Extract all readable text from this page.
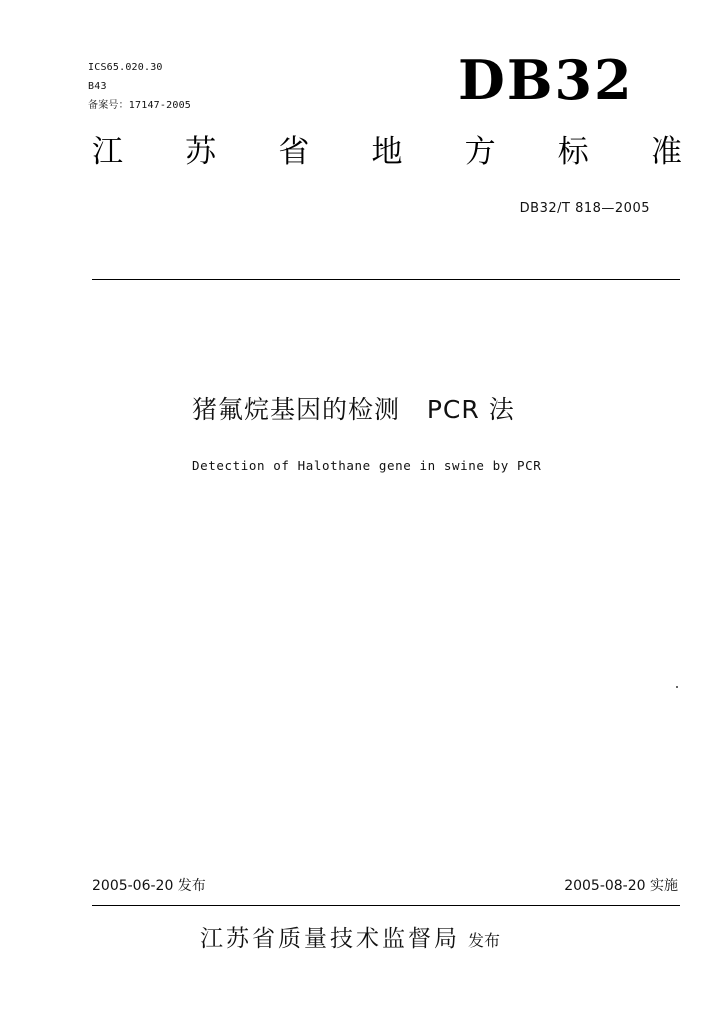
ICS65.020.30
B43
备案号：17147-2005	DB32
江 苏 省 地 方 标 准
DB32/T 818—2005
猪氟烷基因的检测   PCR 法
Detection of Halothane gene in swine by PCR
2005-06-20 发布	2005-08-20 实施
江苏省质量技术监督局 发布
